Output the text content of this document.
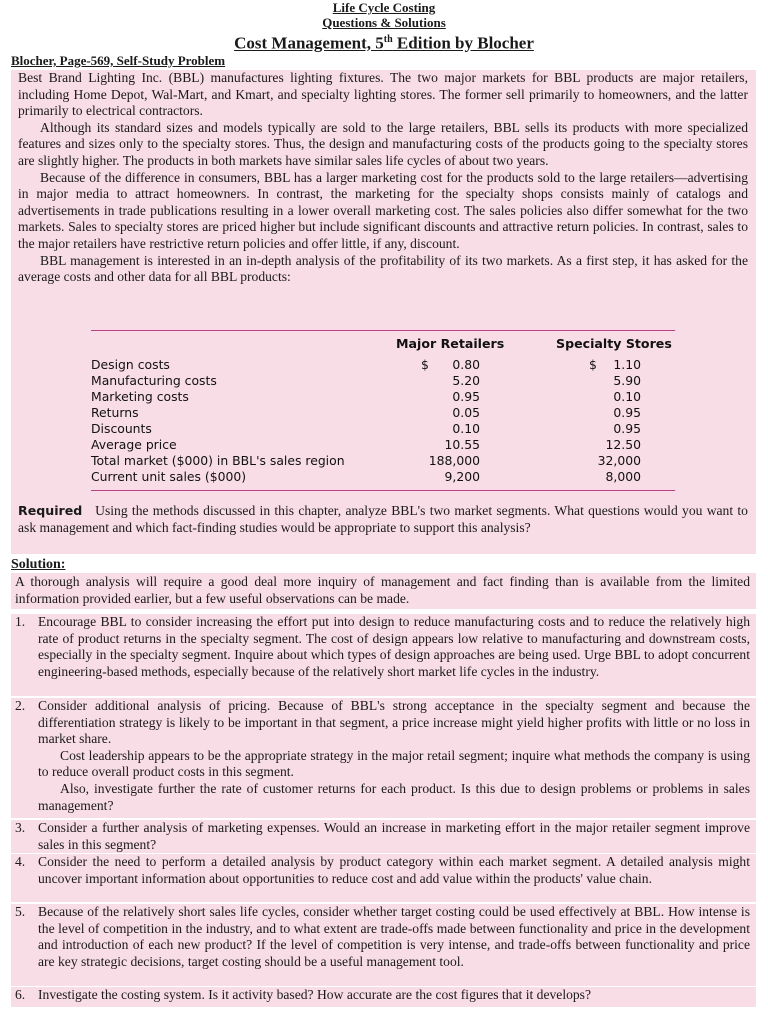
Life Cycle Costing
Questions & Solutions
Cost Management, 5th Edition by Blocher
Blocher, Page-569, Self-Study Problem

Best Brand Lighting Inc. (BBL) manufactures lighting fixtures. The two major markets for BBL products are major retailers, including Home Depot, Wal-Mart, and Kmart, and specialty lighting stores. The former sell primarily to homeowners, and the latter primarily to electrical contractors.

Although its standard sizes and models typically are sold to the large retailers, BBL sells its products with more specialized features and sizes only to the specialty stores. Thus, the design and manufacturing costs of the products going to the specialty stores are slightly higher. The products in both markets have similar sales life cycles of about two years.

Because of the difference in consumers, BBL has a larger marketing cost for the products sold to the large retailers—advertising in major media to attract homeowners. In contrast, the marketing for the specialty shops consists mainly of catalogs and advertisements in trade publications resulting in a lower overall marketing cost. The sales policies also differ somewhat for the two markets. Sales to specialty stores are priced higher but include significant discounts and attractive return policies. In contrast, sales to the major retailers have restrictive return policies and offer little, if any, discount.

BBL management is interested in an in-depth analysis of the profitability of its two markets. As a first step, it has asked for the average costs and other data for all BBL products:

Major Retailers	Specialty Stores
Design costs	$	0.80	$	1.10
Manufacturing costs	5.20	5.90
Marketing costs	0.95	0.10
Returns	0.05	0.95
Discounts	0.10	0.95
Average price	10.55	12.50
Total market ($000) in BBL's sales region	188,000	32,000
Current unit sales ($000)	9,200	8,000
Required Using the methods discussed in this chapter, analyze BBL's two market segments. What questions would you want to ask management and which fact-finding studies would be appropriate to support this analysis?
Solution:

A thorough analysis will require a good deal more inquiry of management and fact finding than is available from the limited information provided earlier, but a few useful observations can be made.

1. Encourage BBL to consider increasing the effort put into design to reduce manufacturing costs and to reduce the relatively high rate of product returns in the specialty segment. The cost of design appears low relative to manufacturing and downstream costs, especially in the specialty segment. Inquire about which types of design approaches are being used. Urge BBL to adopt concurrent engineering-based methods, especially because of the relatively short market life cycles in the industry.

2. Consider additional analysis of pricing. Because of BBL's strong acceptance in the specialty segment and because the differentiation strategy is likely to be important in that segment, a price increase might yield higher profits with little or no loss in market share.

Cost leadership appears to be the appropriate strategy in the major retail segment; inquire what methods the company is using to reduce overall product costs in this segment.

Also, investigate further the rate of customer returns for each product. Is this due to design problems or problems in sales management?

3. Consider a further analysis of marketing expenses. Would an increase in marketing effort in the major retailer segment improve sales in this segment?

4. Consider the need to perform a detailed analysis by product category within each market segment. A detailed analysis might uncover important information about opportunities to reduce cost and add value within the products' value chain.

5. Because of the relatively short sales life cycles, consider whether target costing could be used effectively at BBL. How intense is the level of competition in the industry, and to what extent are trade-offs made between functionality and price in the development and introduction of each new product? If the level of competition is very intense, and trade-offs between functionality and price are key strategic decisions, target costing should be a useful management tool.

6. Investigate the costing system. Is it activity based? How accurate are the cost figures that it develops?
